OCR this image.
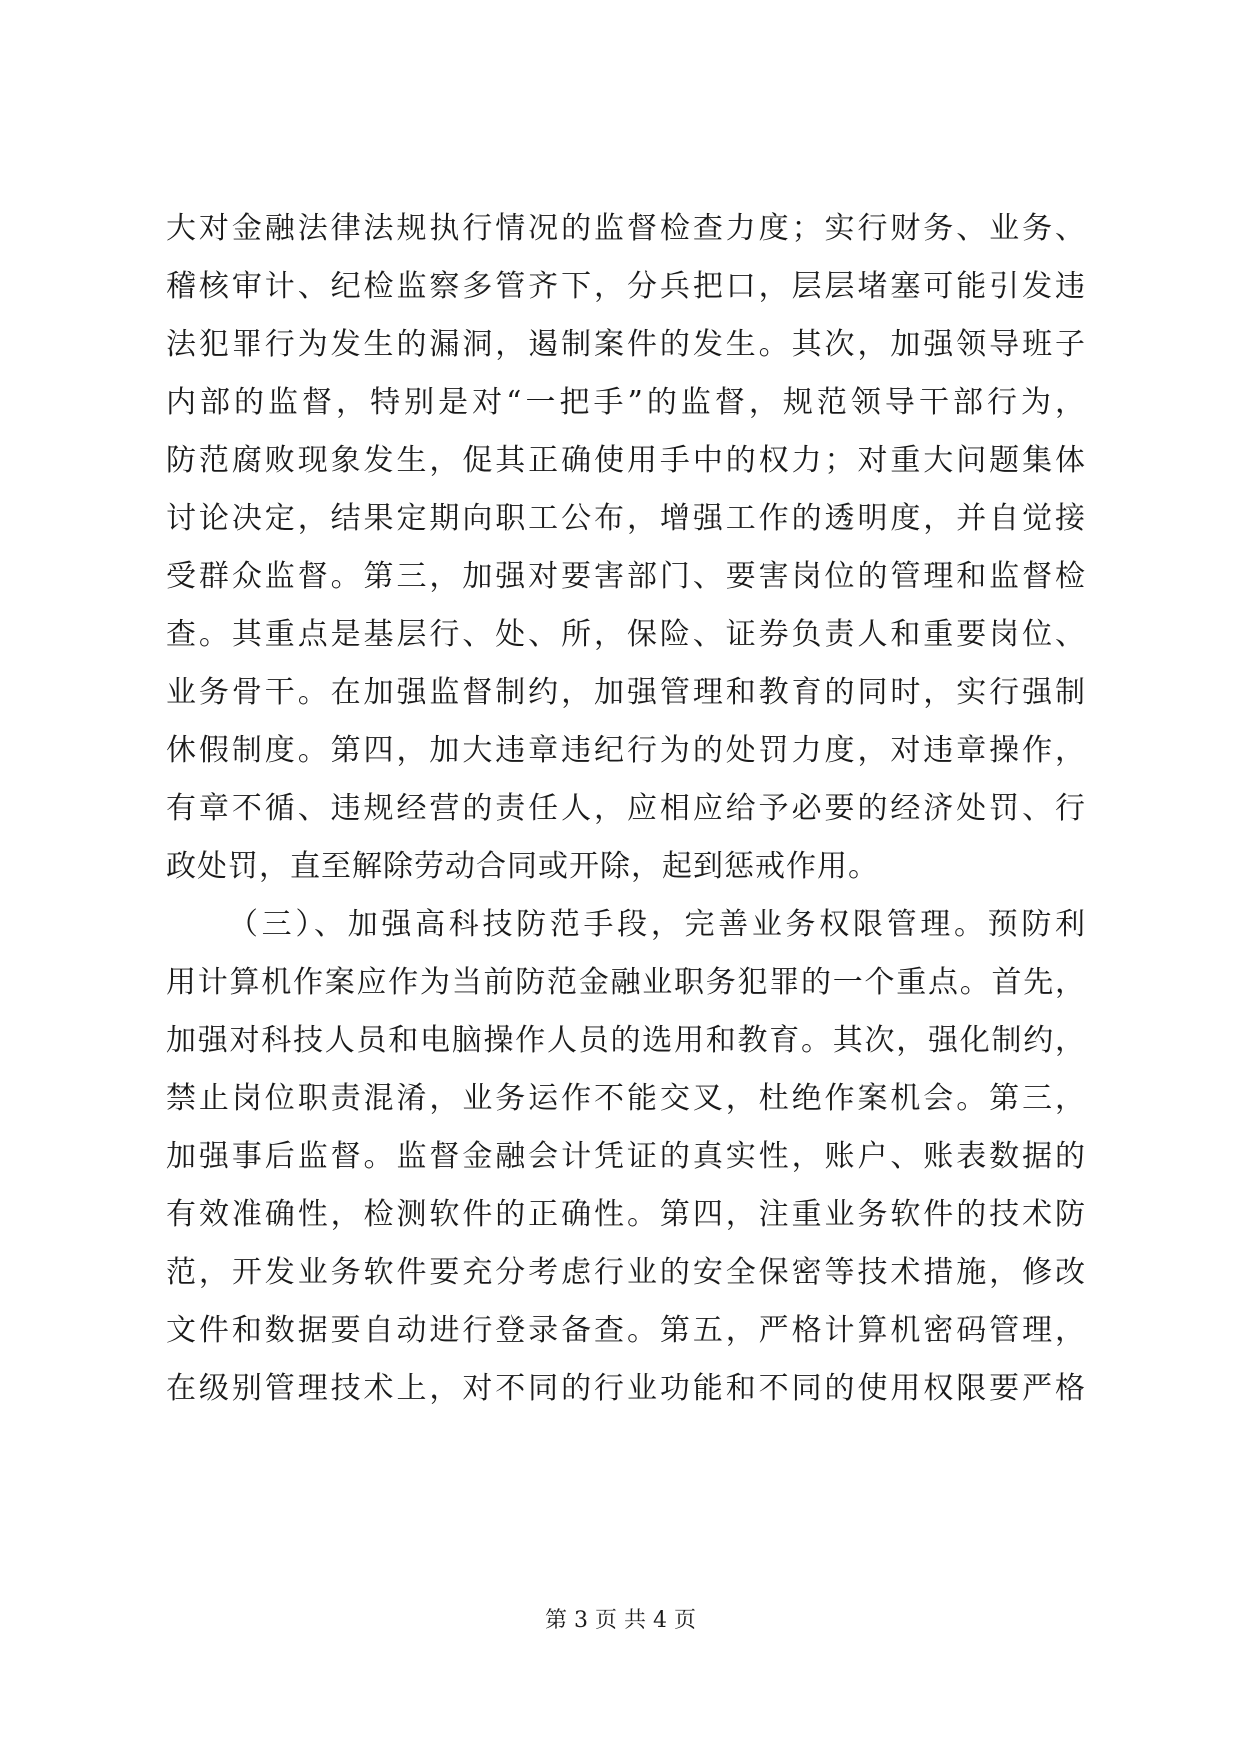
大对金融法律法规执行情况的监督检查力度；实行财务、业务、
稽核审计、纪检监察多管齐下，分兵把口，层层堵塞可能引发违
法犯罪行为发生的漏洞，遏制案件的发生。其次，加强领导班子
内部的监督，特别是对“一把手”的监督，规范领导干部行为，
防范腐败现象发生，促其正确使用手中的权力；对重大问题集体
讨论决定，结果定期向职工公布，增强工作的透明度，并自觉接
受群众监督。第三，加强对要害部门、要害岗位的管理和监督检
查。其重点是基层行、处、所，保险、证券负责人和重要岗位、
业务骨干。在加强监督制约，加强管理和教育的同时，实行强制
休假制度。第四，加大违章违纪行为的处罚力度，对违章操作，
有章不循、违规经营的责任人，应相应给予必要的经济处罚、行
政处罚，直至解除劳动合同或开除，起到惩戒作用。
（三）、加强高科技防范手段，完善业务权限管理。预防利
用计算机作案应作为当前防范金融业职务犯罪的一个重点。首先，
加强对科技人员和电脑操作人员的选用和教育。其次，强化制约，
禁止岗位职责混淆，业务运作不能交叉，杜绝作案机会。第三，
加强事后监督。监督金融会计凭证的真实性，账户、账表数据的
有效准确性，检测软件的正确性。第四，注重业务软件的技术防
范，开发业务软件要充分考虑行业的安全保密等技术措施，修改
文件和数据要自动进行登录备查。第五，严格计算机密码管理，
在级别管理技术上，对不同的行业功能和不同的使用权限要严格
第 3 页 共 4 页
